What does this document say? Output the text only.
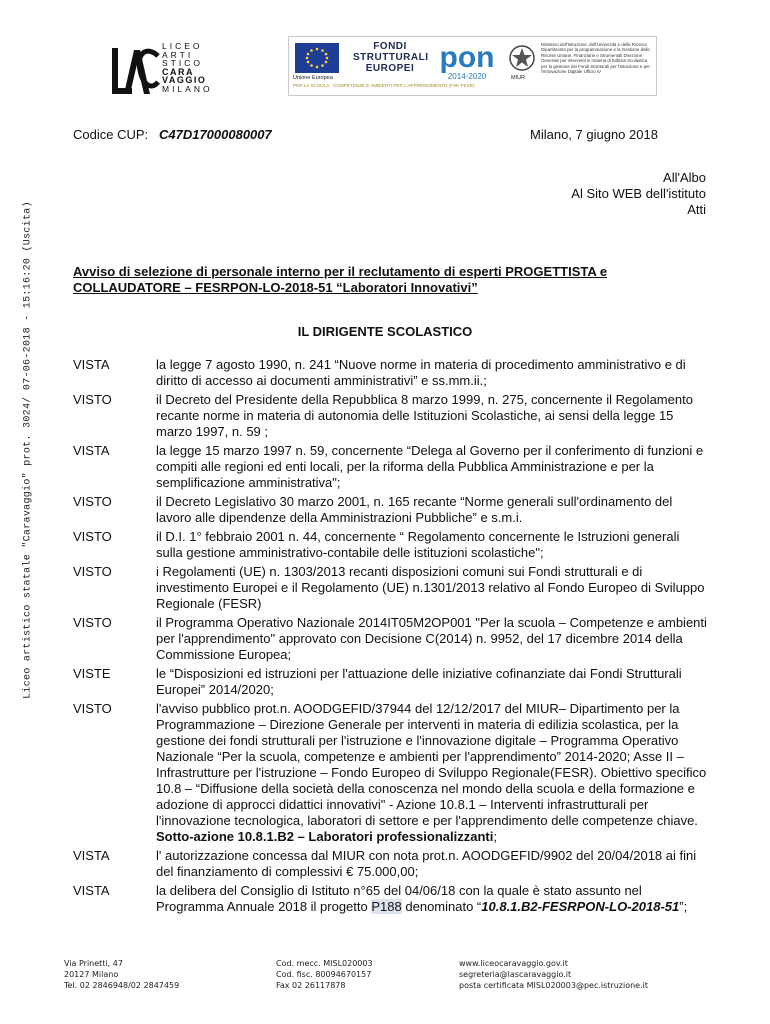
Liceo artistico statale "Caravaggio" prot. 3024/ 07-06-2018 - 15:16:20 (Uscita)
LICEO
ARTI
STICO
CARA
VAGGIO
MILANO
Unione Europea
FONDI STRUTTURALI EUROPEI pon
2014-2020	MIUR
Ministero dell'Istruzione, dell'Università e della Ricerca Dipartimento per la programmazione e la Gestione delle Risorse Umane, Finanziarie e Strumentali Direzione Generale per interventi in materia di Edilizia Scolastica per la gestione dei Fondi Strutturali per l'Istruzione e per l'Innovazione Digitale Ufficio IV
PER LA SCUOLA - COMPETENZE E AMBIENTI PER L'APPRENDIMENTO (FSE-FESR)
Codice CUP: C47D17000080007	Milano, 7 giugno 2018
All'Albo
Al Sito WEB dell'istituto
Atti
Avviso di selezione di personale interno per il reclutamento di esperti PROGETTISTA e
COLLAUDATORE – FESRPON-LO-2018-51 “Laboratori Innovativi”
IL DIRIGENTE SCOLASTICO
VISTA	la legge 7 agosto 1990, n. 241 “Nuove norme in materia di procedimento amministrativo e di diritto di accesso ai documenti amministrativi” e ss.mm.ii.;
VISTO	il Decreto del Presidente della Repubblica 8 marzo 1999, n. 275, concernente il Regolamento recante norme in materia di autonomia delle Istituzioni Scolastiche, ai sensi della legge 15 marzo 1997, n. 59 ;
VISTA	la legge 15 marzo 1997 n. 59, concernente “Delega al Governo per il conferimento di funzioni e compiti alle regioni ed enti locali, per la riforma della Pubblica Amministrazione e per la semplificazione amministrativa";
VISTO	il Decreto Legislativo 30 marzo 2001, n. 165 recante “Norme generali sull'ordinamento del lavoro alle dipendenze della Amministrazioni Pubbliche” e s.m.i.
VISTO	il D.I. 1° febbraio 2001 n. 44, concernente “ Regolamento concernente le Istruzioni generali sulla gestione amministrativo-contabile delle istituzioni scolastiche";
VISTO	i Regolamenti (UE) n. 1303/2013 recanti disposizioni comuni sui Fondi strutturali e di investimento Europei e il Regolamento (UE) n.1301/2013 relativo al Fondo Europeo di Sviluppo Regionale (FESR)
VISTO	il Programma Operativo Nazionale 2014IT05M2OP001 "Per la scuola – Competenze e ambienti per l'apprendimento" approvato con Decisione C(2014) n. 9952, del 17 dicembre 2014 della Commissione Europea;
VISTE	le “Disposizioni ed istruzioni per l'attuazione delle iniziative cofinanziate dai Fondi Strutturali Europei” 2014/2020;
VISTO	l'avviso pubblico prot.n. AOODGEFID/37944 del 12/12/2017 del MIUR– Dipartimento per la Programmazione – Direzione Generale per interventi in materia di edilizia scolastica, per la gestione dei fondi strutturali per l'istruzione e l'innovazione digitale – Programma Operativo Nazionale “Per la scuola, competenze e ambienti per l'apprendimento” 2014-2020; Asse II – Infrastrutture per l'istruzione – Fondo Europeo di Sviluppo Regionale(FESR). Obiettivo specifico 10.8 – “Diffusione della società della conoscenza nel mondo della scuola e della formazione e adozione di approcci didattici innovativi" - Azione 10.8.1 – Interventi infrastrutturali per l'innovazione tecnologica, laboratori di settore e per l'apprendimento delle competenze chiave. Sotto-azione 10.8.1.B2 – Laboratori professionalizzanti;
VISTA	l' autorizzazione concessa dal MIUR con nota prot.n. AOODGEFID/9902 del 20/04/2018 ai fini del finanziamento di complessivi € 75.000,00;
VISTA	la delibera del Consiglio di Istituto n°65 del 04/06/18 con la quale è stato assunto nel Programma Annuale 2018 il progetto P188 denominato “10.8.1.B2-FESRPON-LO-2018-51”;
Via Prinetti, 47
20127 Milano
Tel. 02 2846948/02 2847459
Cod. mecc. MISL020003
Cod. fisc. 80094670157
Fax 02 26117878
www.liceocaravaggio.gov.it
segreteria@lascaravaggio.it
posta certificata MISL020003@pec.istruzione.it
